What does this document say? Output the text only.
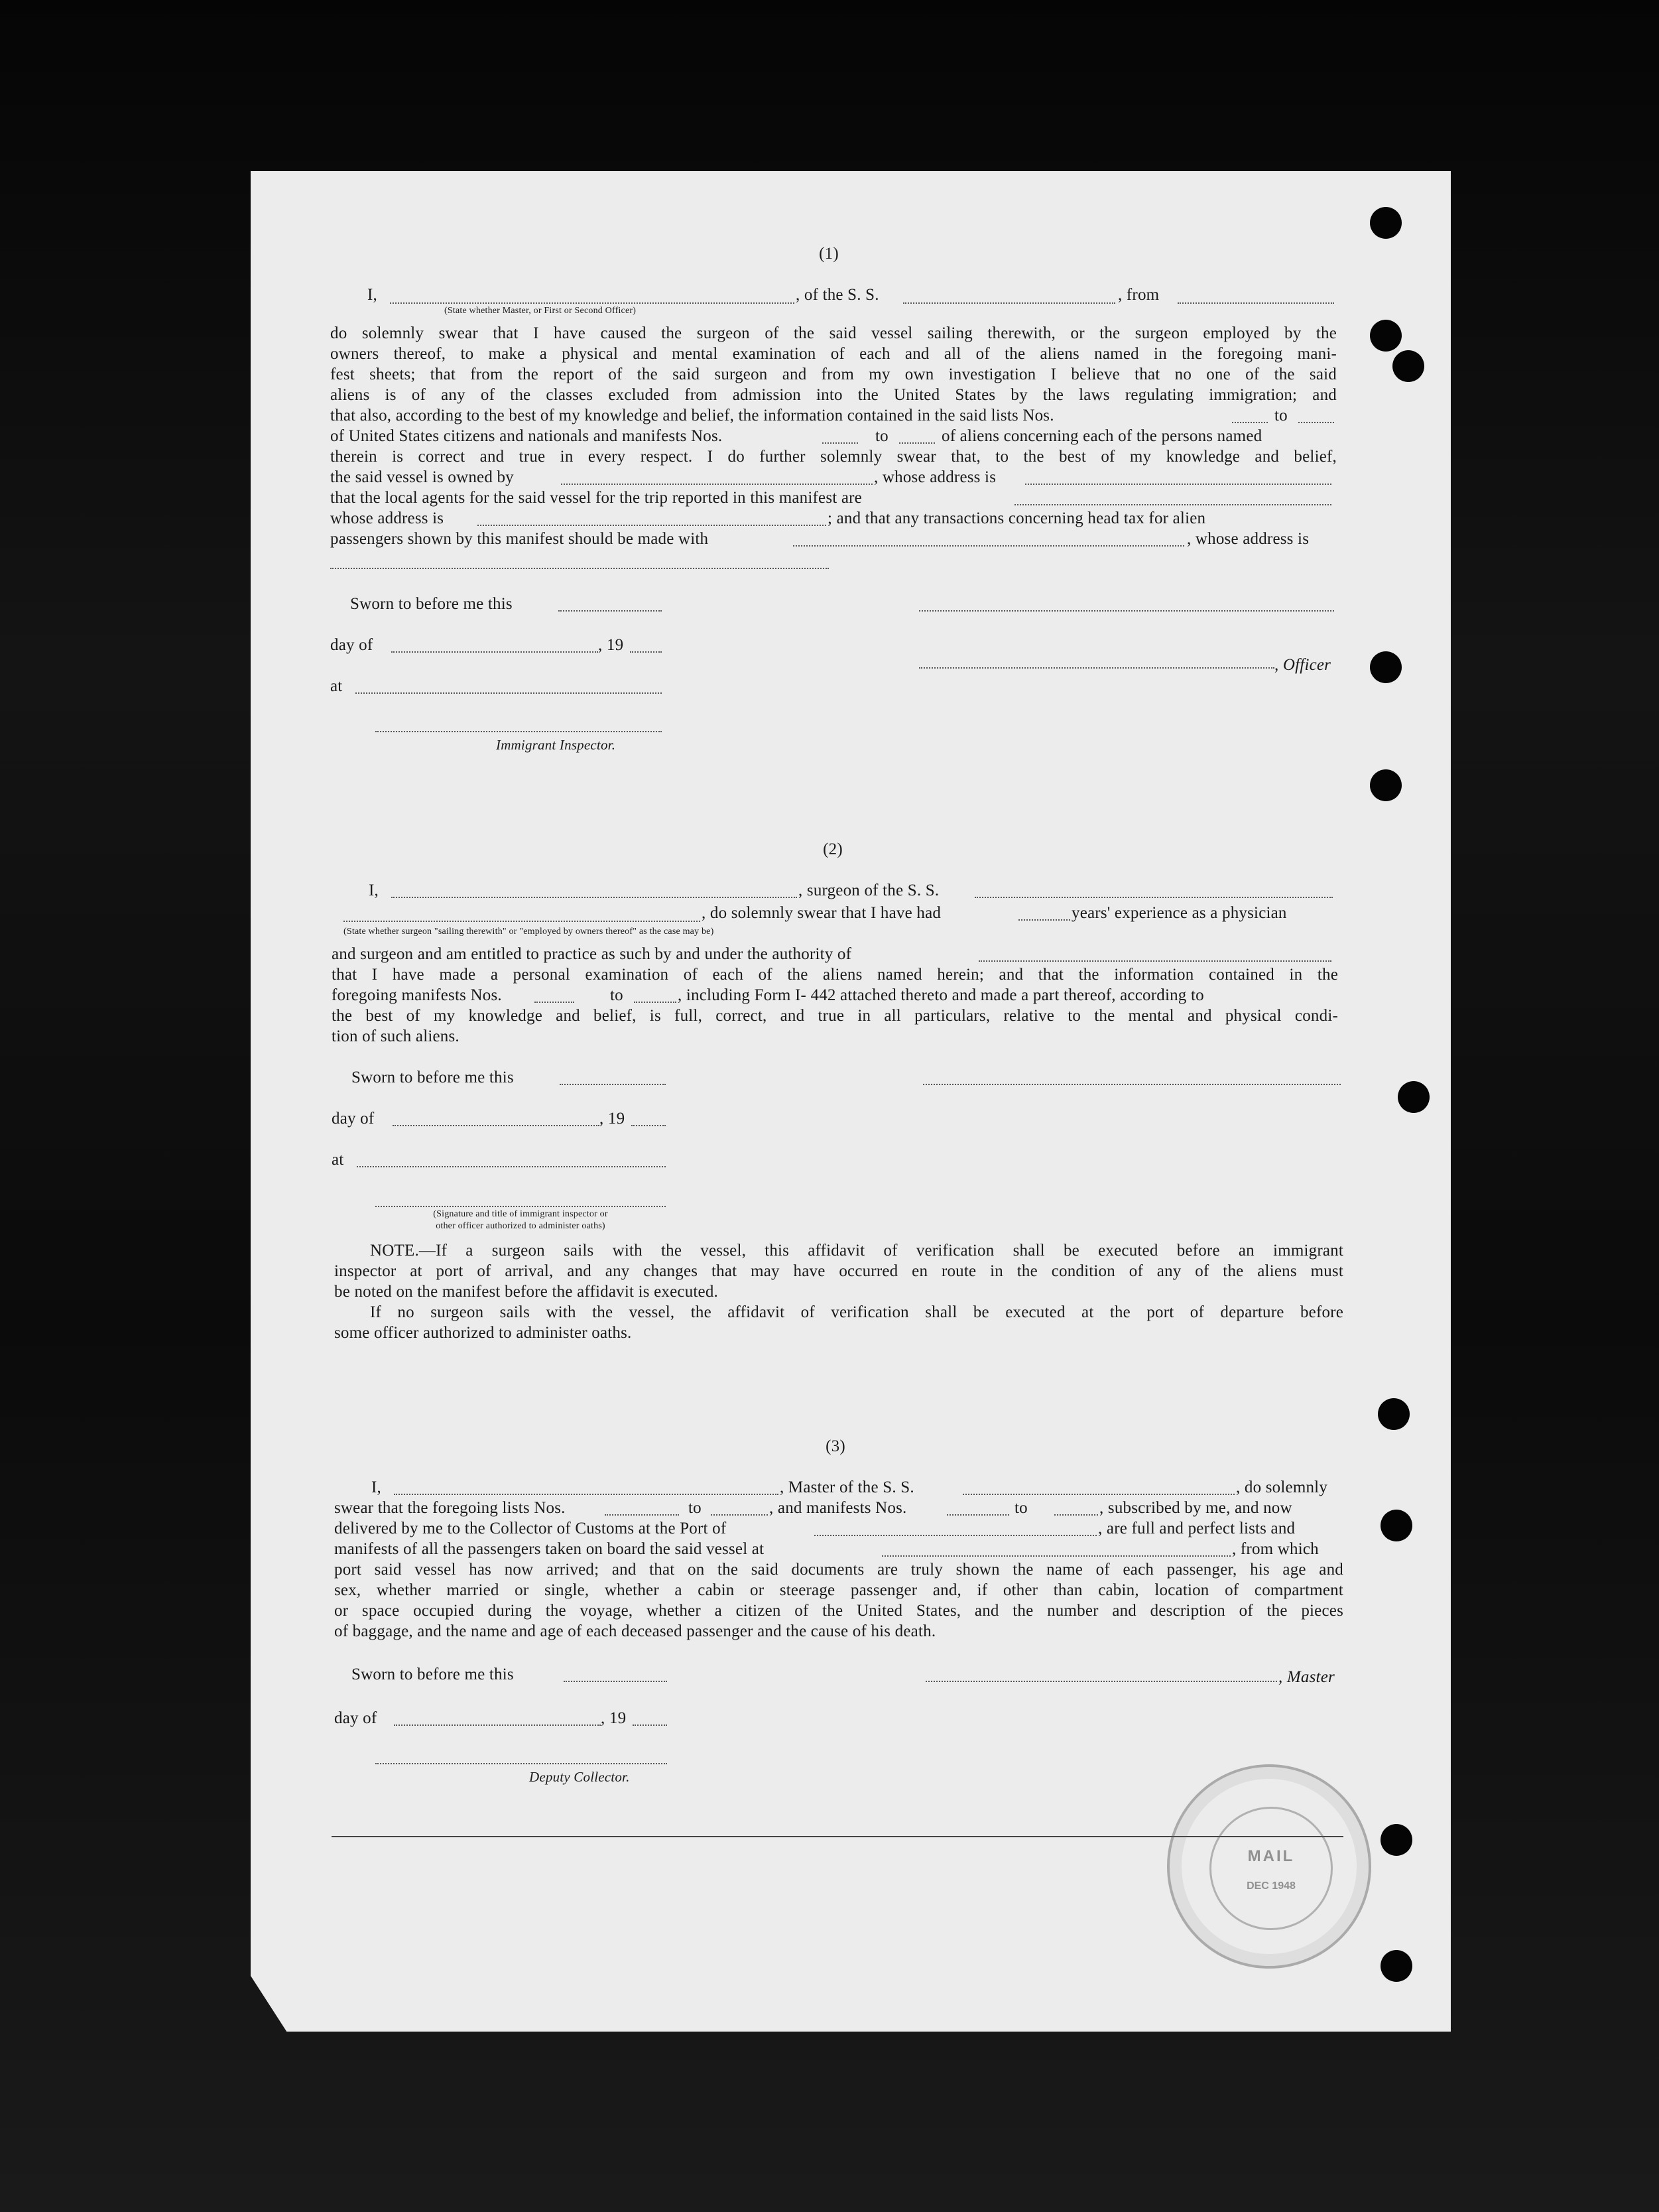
(1)
I,	, of the S. S.	, from
(State whether Master, or First or Second Officer)
do solemnly swear that I have caused the surgeon of the said vessel sailing therewith, or the surgeon employed by the
owners thereof, to make a physical and mental examination of each and all of the aliens named in the foregoing mani-
fest sheets; that from the report of the said surgeon and from my own investigation I believe that no one of the said
aliens is of any of the classes excluded from admission into the United States by the laws regulating immigration; and
that also, according to the best of my knowledge and belief, the information contained in the said lists Nos.	to
of United States citizens and nationals and manifests Nos.	to	of aliens concerning each of the persons named
therein is correct and true in every respect. I do further solemnly swear that, to the best of my knowledge and belief,
the said vessel is owned by	, whose address is
that the local agents for the said vessel for the trip reported in this manifest are
whose address is	; and that any transactions concerning head tax for alien
passengers shown by this manifest should be made with	, whose address is
Sworn to before me this
day of	, 19
, Officer
at
Immigrant Inspector.
(2)
I,	, surgeon of the S. S.
, do solemnly swear that I have had	years' experience as a physician
(State whether surgeon "sailing therewith" or "employed by owners thereof" as the case may be)
and surgeon and am entitled to practice as such by and under the authority of
that I have made a personal examination of each of the aliens named herein; and that the information contained in the
foregoing manifests Nos.	to	, including Form I- 442 attached thereto and made a part thereof, according to
the best of my knowledge and belief, is full, correct, and true in all particulars, relative to the mental and physical condi-
tion of such aliens.
Sworn to before me this
day of	, 19
at
(Signature and title of immigrant inspector or
other officer authorized to administer oaths)
NOTE.—If a surgeon sails with the vessel, this affidavit of verification shall be executed before an immigrant
inspector at port of arrival, and any changes that may have occurred en route in the condition of any of the aliens must
be noted on the manifest before the affidavit is executed.
If no surgeon sails with the vessel, the affidavit of verification shall be executed at the port of departure before
some officer authorized to administer oaths.
(3)
I,	, Master of the S. S.	, do solemnly
swear that the foregoing lists Nos.	to	, and manifests Nos.	to	, subscribed by me, and now
delivered by me to the Collector of Customs at the Port of	, are full and perfect lists and
manifests of all the passengers taken on board the said vessel at	, from which
port said vessel has now arrived; and that on the said documents are truly shown the name of each passenger, his age and
sex, whether married or single, whether a cabin or steerage passenger and, if other than cabin, location of compartment
or space occupied during the voyage, whether a citizen of the United States, and the number and description of the pieces
of baggage, and the name and age of each deceased passenger and the cause of his death.
Sworn to before me this	, Master
day of	, 19
Deputy Collector.
MAIL
DEC 1948
